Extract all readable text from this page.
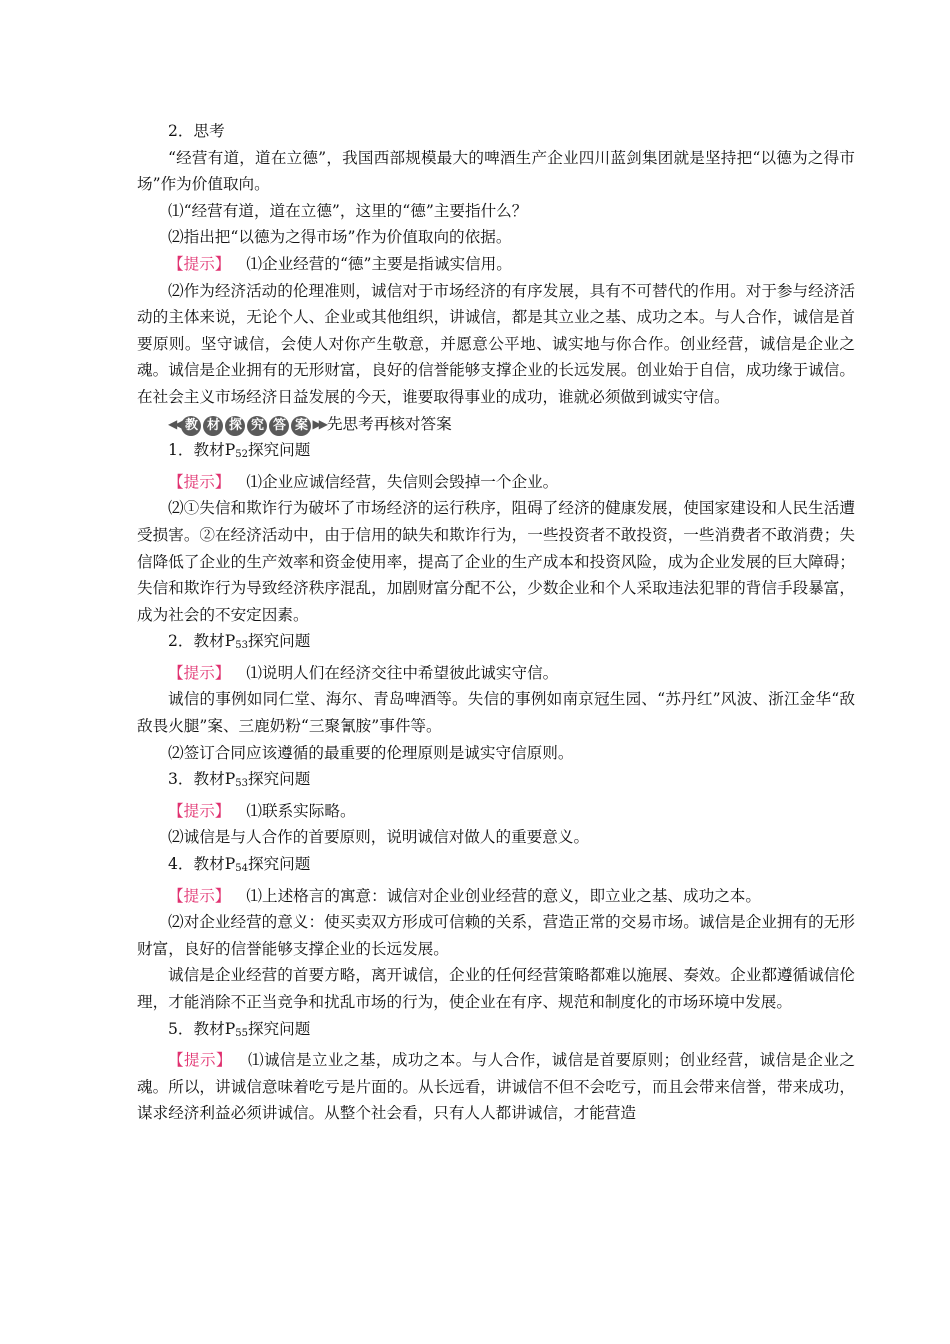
2．思考

“经营有道，道在立德”，我国西部规模最大的啤酒生产企业四川蓝剑集团就是坚持把“以德为之得市场”作为价值取向。

⑴“经营有道，道在立德”，这里的“德”主要指什么？

⑵指出把“以德为之得市场”作为价值取向的依据。

【提示】 ⑴企业经营的“德”主要是指诚实信用。

⑵作为经济活动的伦理准则，诚信对于市场经济的有序发展，具有不可替代的作用。对于参与经济活动的主体来说，无论个人、企业或其他组织，讲诚信，都是其立业之基、成功之本。与人合作，诚信是首要原则。坚守诚信，会使人对你产生敬意，并愿意公平地、诚实地与你合作。创业经营，诚信是企业之魂。诚信是企业拥有的无形财富，良好的信誉能够支撑企业的长远发展。创业始于自信，成功缘于诚信。在社会主义市场经济日益发展的今天，谁要取得事业的成功，谁就必须做到诚实守信。

◀◀ 教 材 探 究 答 案 ▶▶ 先思考再核对答案

1．教材$P_{52}$探究问题

【提示】 ⑴企业应诚信经营，失信则会毁掉一个企业。

⑵①失信和欺诈行为破坏了市场经济的运行秩序，阻碍了经济的健康发展，使国家建设和人民生活遭受损害。②在经济活动中，由于信用的缺失和欺诈行为，一些投资者不敢投资，一些消费者不敢消费；失信降低了企业的生产效率和资金使用率，提高了企业的生产成本和投资风险，成为企业发展的巨大障碍；失信和欺诈行为导致经济秩序混乱，加剧财富分配不公，少数企业和个人采取违法犯罪的背信手段暴富，成为社会的不安定因素。

2．教材$P_{53}$探究问题

【提示】 ⑴说明人们在经济交往中希望彼此诚实守信。

诚信的事例如同仁堂、海尔、青岛啤酒等。失信的事例如南京冠生园、“苏丹红”风波、浙江金华“敌敌畏火腿”案、三鹿奶粉“三聚氰胺”事件等。

⑵签订合同应该遵循的最重要的伦理原则是诚实守信原则。

3．教材$P_{53}$探究问题

【提示】 ⑴联系实际略。

⑵诚信是与人合作的首要原则，说明诚信对做人的重要意义。

4．教材$P_{54}$探究问题

【提示】 ⑴上述格言的寓意：诚信对企业创业经营的意义，即立业之基、成功之本。

⑵对企业经营的意义：使买卖双方形成可信赖的关系，营造正常的交易市场。诚信是企业拥有的无形财富，良好的信誉能够支撑企业的长远发展。

诚信是企业经营的首要方略，离开诚信，企业的任何经营策略都难以施展、奏效。企业都遵循诚信伦理，才能消除不正当竞争和扰乱市场的行为，使企业在有序、规范和制度化的市场环境中发展。

5．教材$P_{55}$探究问题

【提示】 ⑴诚信是立业之基，成功之本。与人合作，诚信是首要原则；创业经营，诚信是企业之魂。所以，讲诚信意味着吃亏是片面的。从长远看，讲诚信不但不会吃亏，而且会带来信誉，带来成功，谋求经济利益必须讲诚信。从整个社会看，只有人人都讲诚信，才能营造
